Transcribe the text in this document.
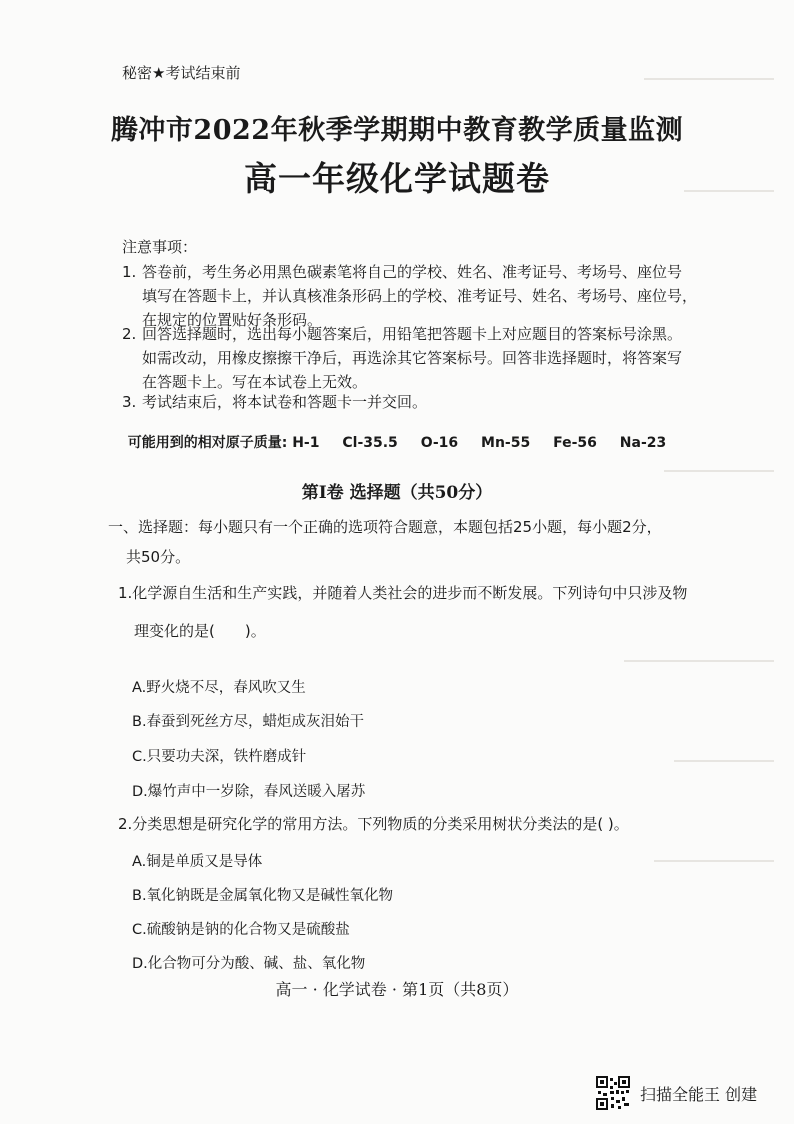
秘密★考试结束前
腾冲市2022年秋季学期期中教育教学质量监测
高一年级化学试题卷
注意事项：
1. 答卷前，考生务必用黑色碳素笔将自己的学校、姓名、准考证号、考场号、座位号
填写在答题卡上，并认真核准条形码上的学校、准考证号、姓名、考场号、座位号，
在规定的位置贴好条形码。
2. 回答选择题时，选出每小题答案后，用铅笔把答题卡上对应题目的答案标号涂黑。
如需改动，用橡皮擦擦干净后，再选涂其它答案标号。回答非选择题时，将答案写
在答题卡上。写在本试卷上无效。
3. 考试结束后，将本试卷和答题卡一并交回。
可能用到的相对原子质量: H-1 Cl-35.5 O-16 Mn-55 Fe-56 Na-23
第Ⅰ卷 选择题（共50分）
一、选择题：每小题只有一个正确的选项符合题意，本题包括25小题，每小题2分，
共50分。
1.化学源自生活和生产实践，并随着人类社会的进步而不断发展。下列诗句中只涉及物
理变化的是(　　)。
A.野火烧不尽，春风吹又生
B.春蚕到死丝方尽，蜡炬成灰泪始干
C.只要功夫深，铁杵磨成针
D.爆竹声中一岁除，春风送暖入屠苏
2.分类思想是研究化学的常用方法。下列物质的分类采用树状分类法的是( )。
A.铜是单质又是导体
B.氧化钠既是金属氧化物又是碱性氧化物
C.硫酸钠是钠的化合物又是硫酸盐
D.化合物可分为酸、碱、盐、氧化物
高一 · 化学试卷 · 第1页（共8页）
扫描全能王 创建
